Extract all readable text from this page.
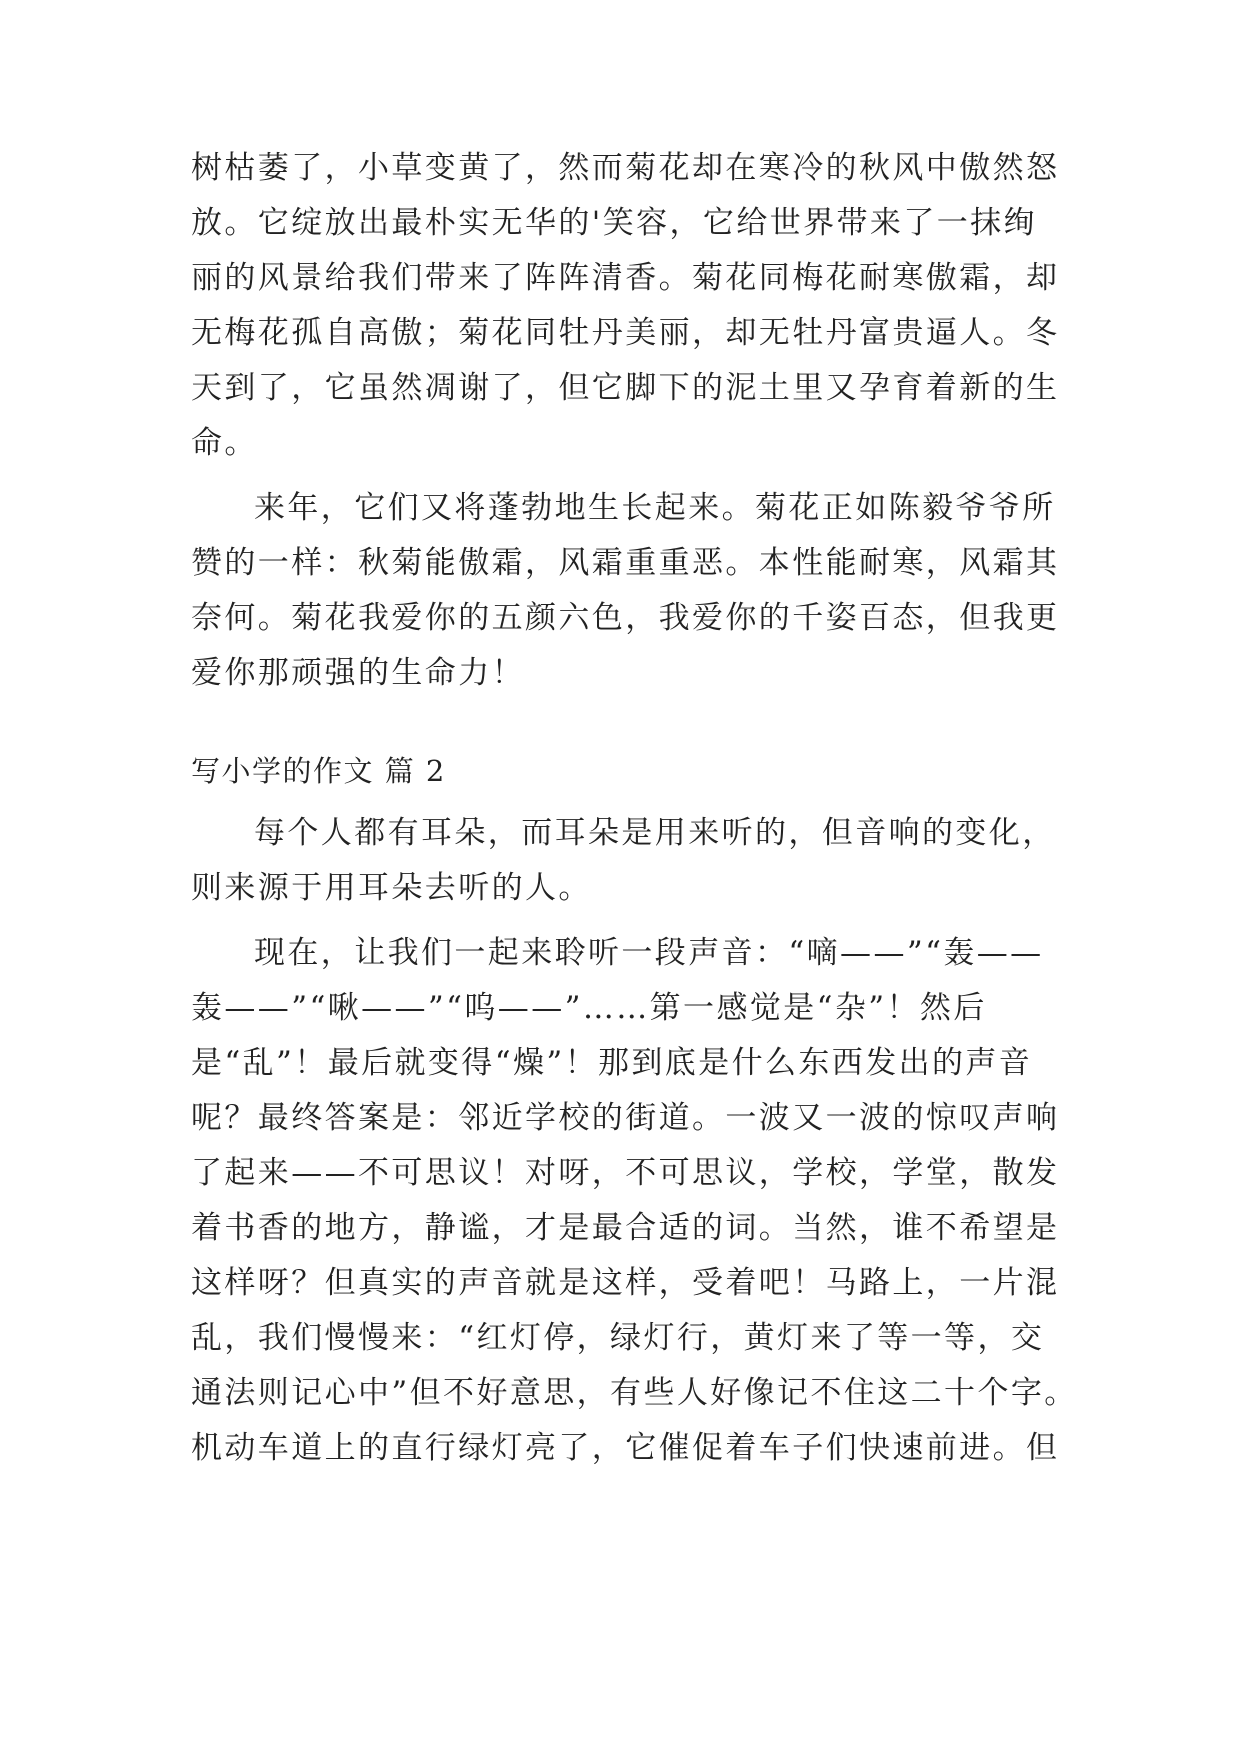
树枯萎了，小草变黄了，然而菊花却在寒冷的秋风中傲然怒
放。它绽放出最朴实无华的'笑容，它给世界带来了一抹绚
丽的风景给我们带来了阵阵清香。菊花同梅花耐寒傲霜，却
无梅花孤自高傲；菊花同牡丹美丽，却无牡丹富贵逼人。冬
天到了，它虽然凋谢了，但它脚下的泥土里又孕育着新的生
命。
来年，它们又将蓬勃地生长起来。菊花正如陈毅爷爷所
赞的一样：秋菊能傲霜，风霜重重恶。本性能耐寒，风霜其
奈何。菊花我爱你的五颜六色，我爱你的千姿百态，但我更
爱你那顽强的生命力！
写小学的作文 篇 2
每个人都有耳朵，而耳朵是用来听的，但音响的变化，
则来源于用耳朵去听的人。
现在，让我们一起来聆听一段声音：“嘀——”“轰——
轰——”“啾——”“呜——”……第一感觉是“杂”！然后
是“乱”！最后就变得“燥”！那到底是什么东西发出的声音
呢？最终答案是：邻近学校的街道。一波又一波的惊叹声响
了起来——不可思议！对呀，不可思议，学校，学堂，散发
着书香的地方，静谧，才是最合适的词。当然，谁不希望是
这样呀？但真实的声音就是这样，受着吧！马路上，一片混
乱，我们慢慢来：“红灯停，绿灯行，黄灯来了等一等，交
通法则记心中”但不好意思，有些人好像记不住这二十个字。
机动车道上的直行绿灯亮了，它催促着车子们快速前进。但
